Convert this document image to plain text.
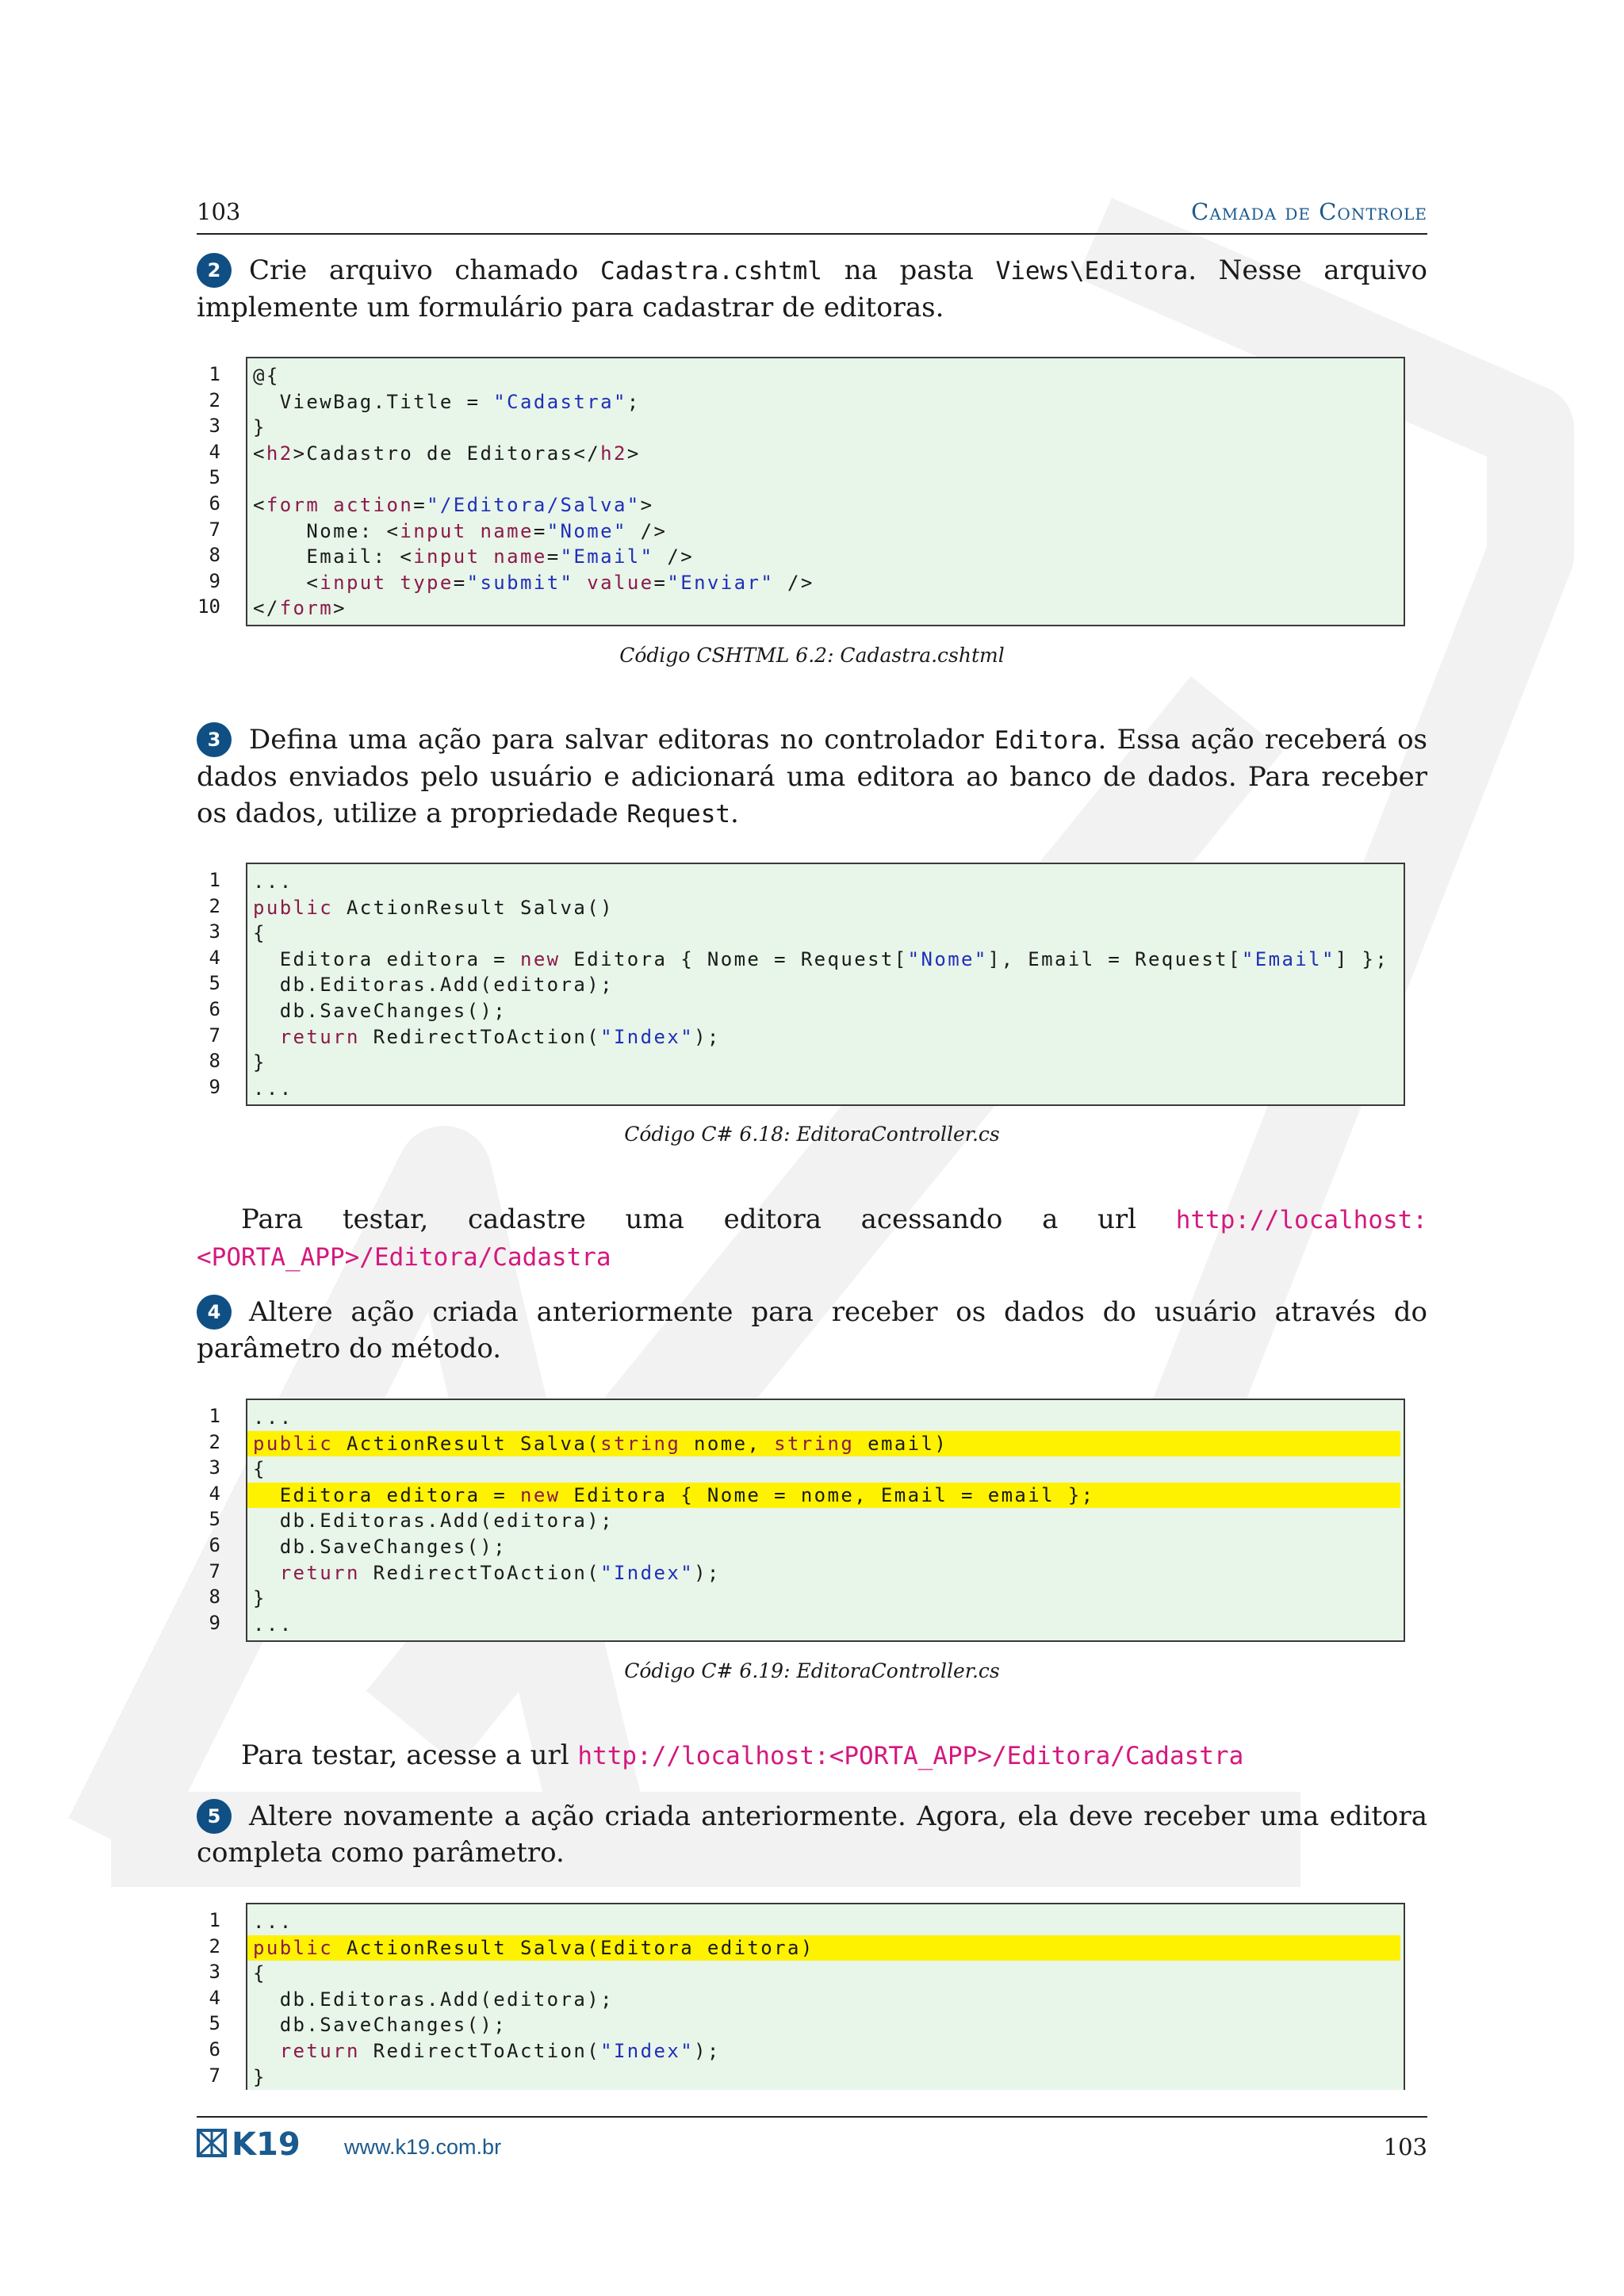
103	Camada de Controle
2 Crie arquivo chamado Cadastra.cshtml na pasta Views\Editora. Nesse arquivo implemente um formulário para cadastrar de editoras.
1
2
3
4
5
6
7
8
9
10
@{
ViewBag.Title = "Cadastra";
}
<h2>Cadastro de Editoras</h2>
<form action="/Editora/Salva">
Nome: <input name="Nome" />
Email: <input name="Email" />
<input type="submit" value="Enviar" />
</form>
Código CSHTML 6.2: Cadastra.cshtml
3 Defina uma ação para salvar editoras no controlador Editora. Essa ação receberá os dados enviados pelo usuário e adicionará uma editora ao banco de dados. Para receber os dados, utilize a propriedade Request.
1
2
3
4
5
6
7
8
9
...
public ActionResult Salva()
{
Editora editora = new Editora { Nome = Request["Nome"], Email = Request["Email"] };
db.Editoras.Add(editora);
db.SaveChanges();
return RedirectToAction("Index");
}
...
Código C# 6.18: EditoraController.cs
Para testar, cadastre uma editora acessando a url http://localhost:<PORTA_APP>/Editora/Cadastra
4 Altere ação criada anteriormente para receber os dados do usuário através do parâmetro do método.
1
2
3
4
5
6
7
8
9
...
public ActionResult Salva(string nome, string email)
{
Editora editora = new Editora { Nome = nome, Email = email };
db.Editoras.Add(editora);
db.SaveChanges();
return RedirectToAction("Index");
}
...
Código C# 6.19: EditoraController.cs
Para testar, acesse a url http://localhost:<PORTA_APP>/Editora/Cadastra
5 Altere novamente a ação criada anteriormente. Agora, ela deve receber uma editora completa como parâmetro.
1
2
3
4
5
6
7
...
public ActionResult Salva(Editora editora)
{
db.Editoras.Add(editora);
db.SaveChanges();
return RedirectToAction("Index");
}
K19 www.k19.com.br	103
